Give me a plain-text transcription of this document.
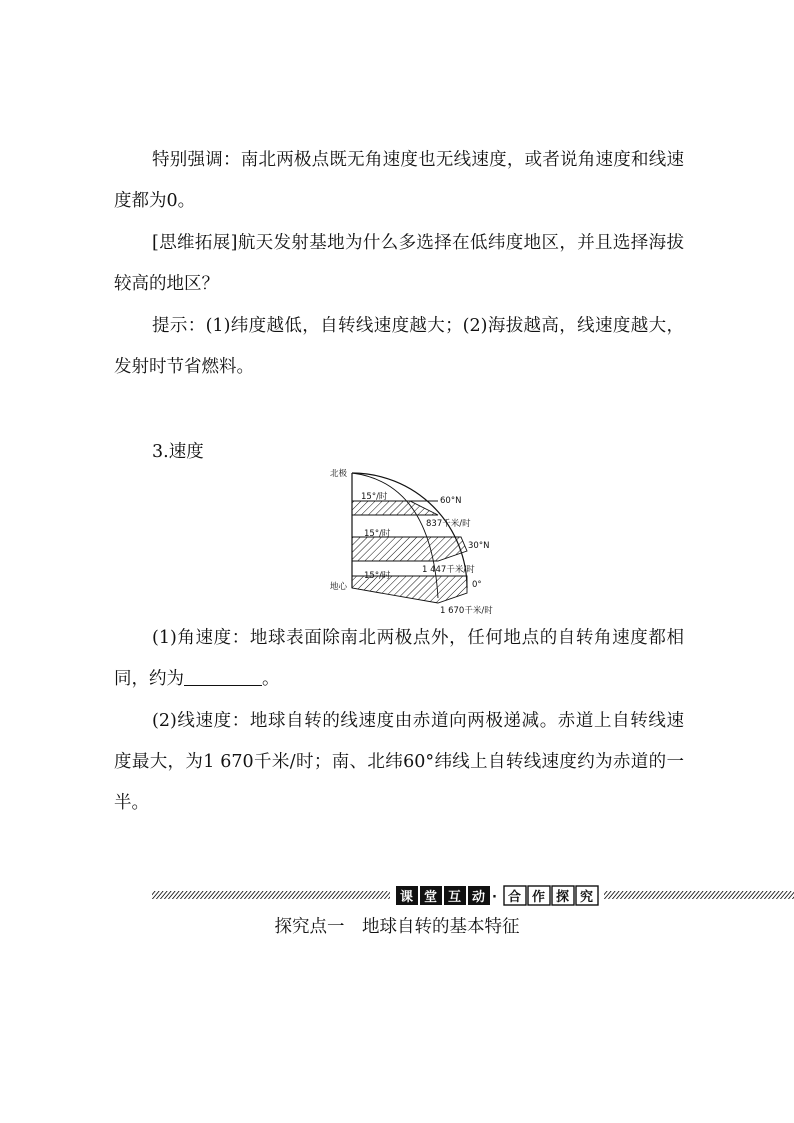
特别强调：南北两极点既无角速度也无线速度，或者说角速度和线速度都为0。

[思维拓展]航天发射基地为什么多选择在低纬度地区，并且选择海拔较高的地区？

提示：(1)纬度越低，自转线速度越大；(2)海拔越高，线速度越大，发射时节省燃料。

3.速度
北极
地心
15°/时
15°/时
15°/时
60°N
837千米/时
30°N
1 447千米/时
0°
1 670千米/时

(1)角速度：地球表面除南北两极点外，任何地点的自转角速度都相同，约为	。

(2)线速度：地球自转的线速度由赤道向两极递减。赤道上自转线速度最大，为1 670千米/时；南、北纬60°纬线上自转线速度约为赤道的一半。

课 堂 互 动 · 合 作 探 究
探究点一　地球自转的基本特征
